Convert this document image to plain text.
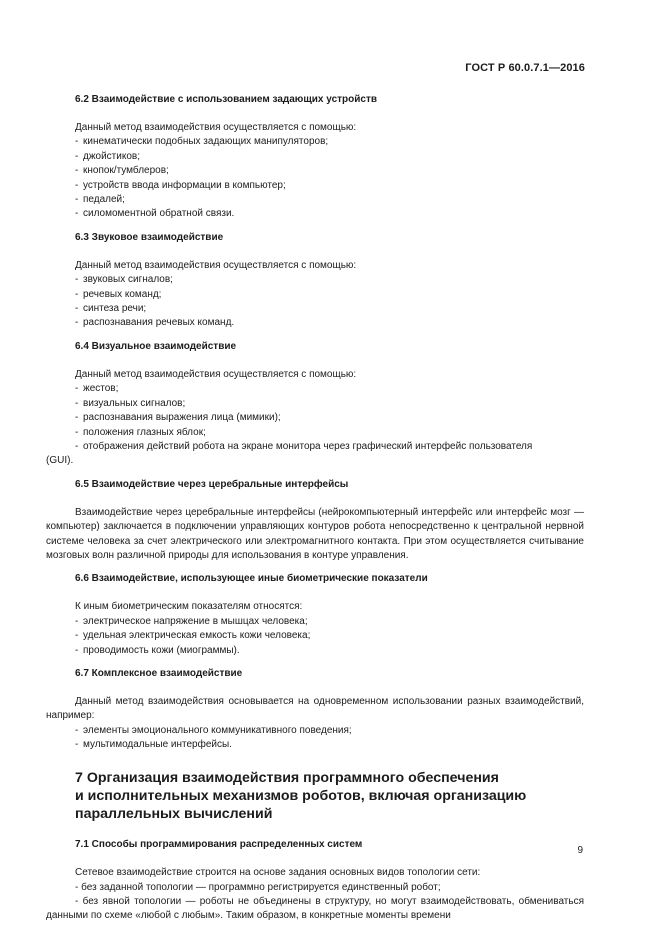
ГОСТ Р 60.0.7.1—2016

6.2 Взаимодействие с использованием задающих устройств

Данный метод взаимодействия осуществляется с помощью:

- кинематически подобных задающих манипуляторов;
- джойстиков;
- кнопок/тумблеров;
- устройств ввода информации в компьютер;
- педалей;
- силомоментной обратной связи.

6.3 Звуковое взаимодействие

Данный метод взаимодействия осуществляется с помощью:

- звуковых сигналов;
- речевых команд;
- синтеза речи;
- распознавания речевых команд.

6.4 Визуальное взаимодействие

Данный метод взаимодействия осуществляется с помощью:

- жестов;
- визуальных сигналов;
- распознавания выражения лица (мимики);
- положения глазных яблок;
- отображения действий робота на экране монитора через графический интерфейс пользователя

(GUI).

6.5 Взаимодействие через церебральные интерфейсы

Взаимодействие через церебральные интерфейсы (нейрокомпьютерный интерфейс или интерфейс мозг — компьютер) заключается в подключении управляющих контуров робота непосредственно к центральной нервной системе человека за счет электрического или электромагнитного контакта. При этом осуществляется считывание мозговых волн различной природы для использования в контуре управления.

6.6 Взаимодействие, использующее иные биометрические показатели

К иным биометрическим показателям относятся:

- электрическое напряжение в мышцах человека;
- удельная электрическая емкость кожи человека;
- проводимость кожи (миограммы).

6.7 Комплексное взаимодействие

Данный метод взаимодействия основывается на одновременном использовании разных взаимодействий, например:

- элементы эмоционального коммуникативного поведения;
- мультимодальные интерфейсы.
7 Организация взаимодействия программного обеспечения
и исполнительных механизмов роботов, включая организацию
параллельных вычислений

7.1 Способы программирования распределенных систем

Сетевое взаимодействие строится на основе задания основных видов топологии сети:

- без заданной топологии — программно регистрируется единственный робот;

- без явной топологии — роботы не объединены в структуру, но могут взаимодействовать, обмениваться данными по схеме «любой с любым». Таким образом, в конкретные моменты времени

9
